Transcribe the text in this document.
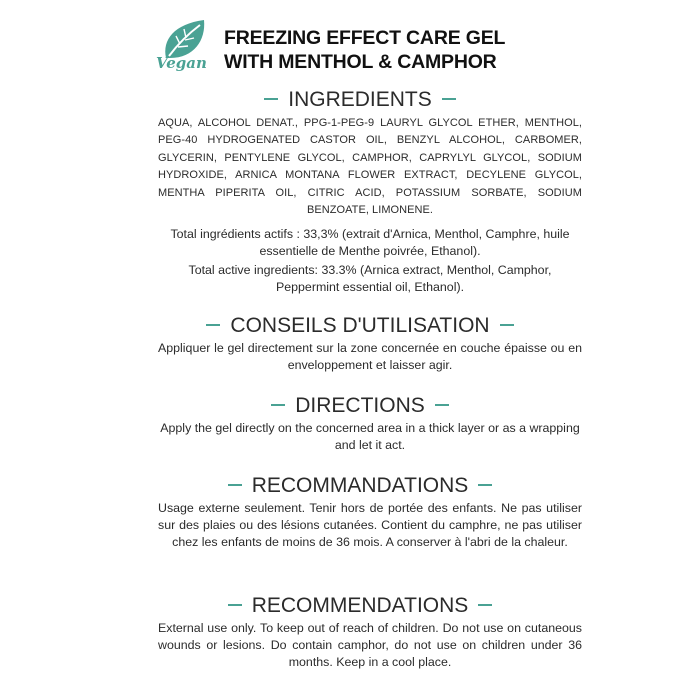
Vegan
FREEZING EFFECT CARE GEL
WITH MENTHOL & CAMPHOR
INGREDIENTS
AQUA, ALCOHOL DENAT., PPG-1-PEG-9 LAURYL GLYCOL ETHER, MENTHOL, PEG-40 HYDROGENATED CASTOR OIL, BENZYL ALCOHOL, CARBOMER, GLYCERIN, PENTYLENE GLYCOL, CAMPHOR, CAPRYLYL GLYCOL, SODIUM HYDROXIDE, ARNICA MONTANA FLOWER EXTRACT, DECYLENE GLYCOL, MENTHA PIPERITA OIL, CITRIC ACID, POTASSIUM SORBATE, SODIUM BENZOATE, LIMONENE.
Total ingrédients actifs : 33,3% (extrait d'Arnica, Menthol, Camphre, huile essentielle de Menthe poivrée, Ethanol).
Total active ingredients: 33.3% (Arnica extract, Menthol, Camphor, Peppermint essential oil, Ethanol).
CONSEILS D'UTILISATION
Appliquer le gel directement sur la zone concernée en couche épaisse ou en enveloppement et laisser agir.
DIRECTIONS
Apply the gel directly on the concerned area in a thick layer or as a wrapping and let it act.
RECOMMANDATIONS
Usage externe seulement. Tenir hors de portée des enfants. Ne pas utiliser sur des plaies ou des lésions cutanées. Contient du camphre, ne pas utiliser chez les enfants de moins de 36 mois. A conserver à l'abri de la chaleur.
RECOMMENDATIONS
External use only. To keep out of reach of children. Do not use on cutaneous wounds or lesions. Do contain camphor, do not use on children under 36 months. Keep in a cool place.
